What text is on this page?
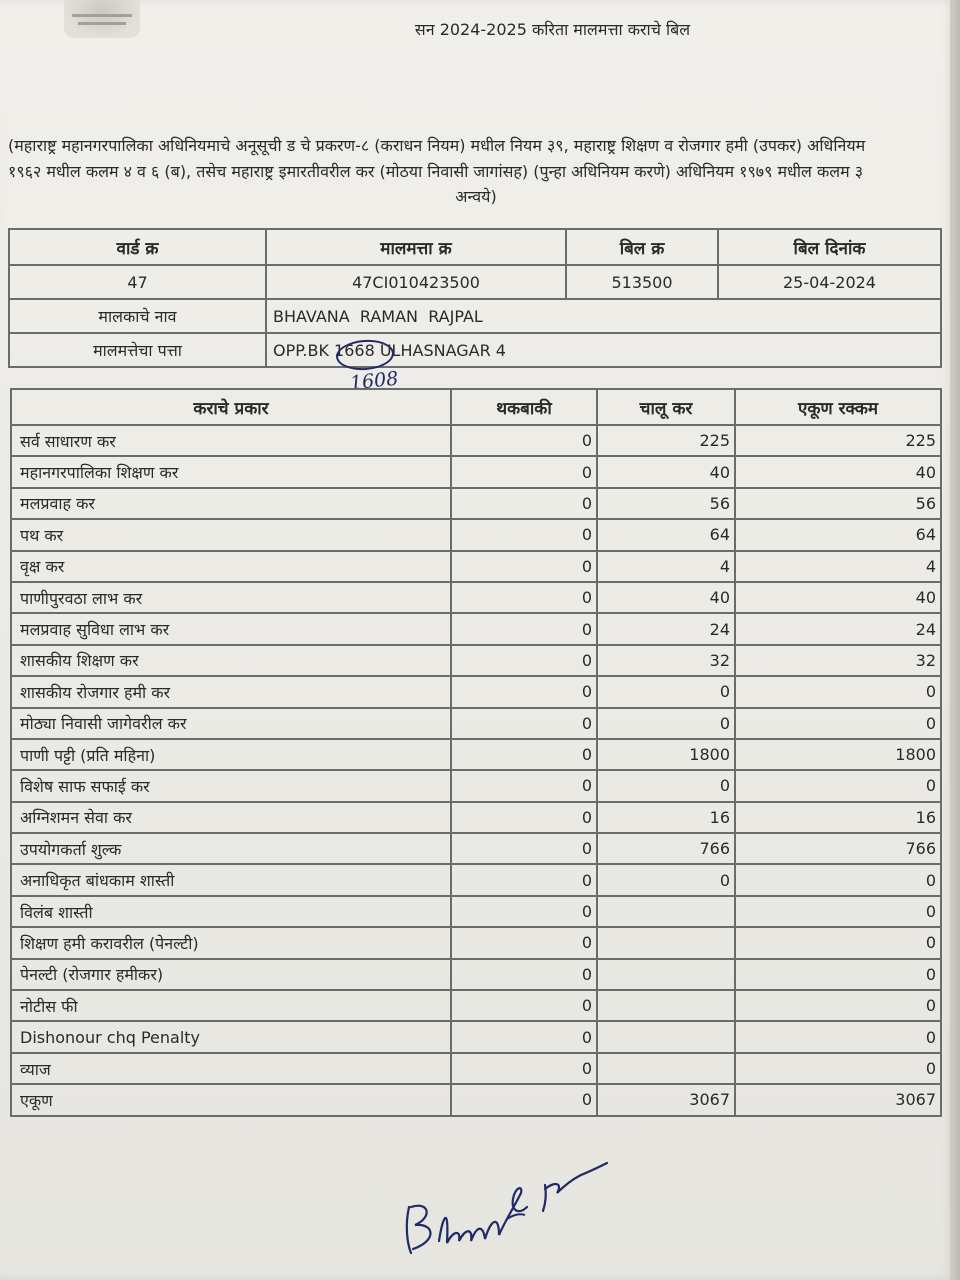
सन 2024-2025 करिता मालमत्ता कराचे बिल
(महाराष्ट्र महानगरपालिका अधिनियमाचे अनूसूची ड चे प्रकरण-८ (कराधन नियम) मधील नियम ३९, महाराष्ट्र शिक्षण व रोजगार हमी (उपकर) अधिनियम
१९६२ मधील कलम ४ व ६ (ब), तसेच महाराष्ट्र इमारतीवरील कर (मोठया निवासी जागांसह) (पुन्हा अधिनियम करणे) अधिनियम १९७९ मधील कलम ३
अन्वये)
वार्ड क्र	मालमत्ता क्र	बिल क्र	बिल दिनांक
47	47CI010423500	513500	25-04-2024
मालकाचे नाव	BHAVANA  RAMAN  RAJPAL		
मालमत्तेचा पत्ता	OPP.BK 1668 ULHASNAGAR 4		
1608
कराचे प्रकार	थकबाकी	चालू कर	एकूण रक्कम
सर्व साधारण कर	0	225	225
महानगरपालिका शिक्षण कर	0	40	40
मलप्रवाह कर	0	56	56
पथ कर	0	64	64
वृक्ष कर	0	4	4
पाणीपुरवठा लाभ कर	0	40	40
मलप्रवाह सुविधा लाभ कर	0	24	24
शासकीय शिक्षण कर	0	32	32
शासकीय रोजगार हमी कर	0	0	0
मोठ्या निवासी जागेवरील कर	0	0	0
पाणी पट्टी (प्रति महिना)	0	1800	1800
विशेष साफ सफाई कर	0	0	0
अग्निशमन सेवा कर	0	16	16
उपयोगकर्ता शुल्क	0	766	766
अनाधिकृत बांधकाम शास्ती	0	0	0
विलंब शास्ती	0		0
शिक्षण हमी करावरील (पेनल्टी)	0		0
पेनल्टी (रोजगार हमीकर)	0		0
नोटीस फी	0		0
Dishonour chq Penalty	0		0
व्याज	0		0
एकूण	0	3067	3067
